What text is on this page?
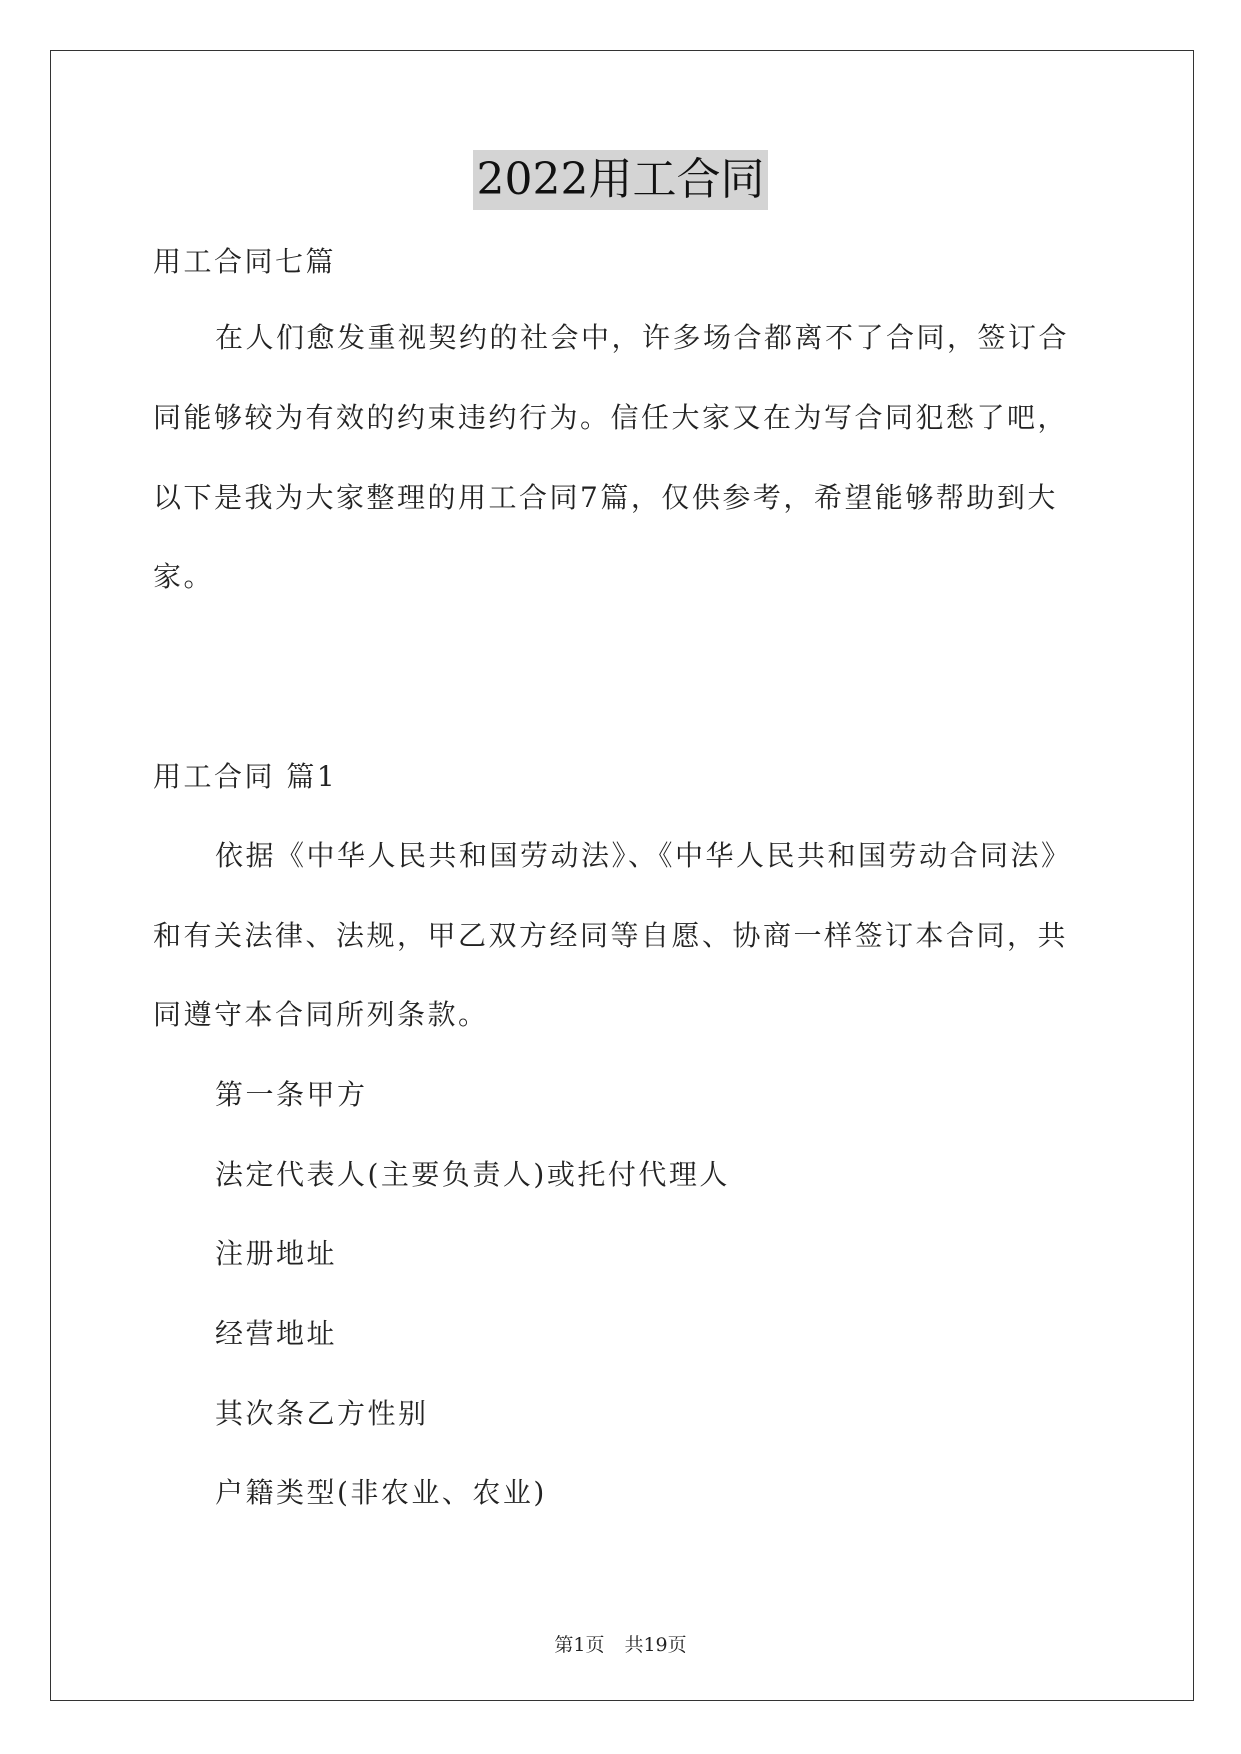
2022用工合同
用工合同七篇
在人们愈发重视契约的社会中，许多场合都离不了合同，签订合
同能够较为有效的约束违约行为。信任大家又在为写合同犯愁了吧，
以下是我为大家整理的用工合同7篇，仅供参考，希望能够帮助到大
家。
用工合同 篇1
依据《中华人民共和国劳动法》、《中华人民共和国劳动合同法》
和有关法律、法规，甲乙双方经同等自愿、协商一样签订本合同，共
同遵守本合同所列条款。
第一条甲方
法定代表人(主要负责人)或托付代理人
注册地址
经营地址
其次条乙方性别
户籍类型(非农业、农业)
第1页 共19页
